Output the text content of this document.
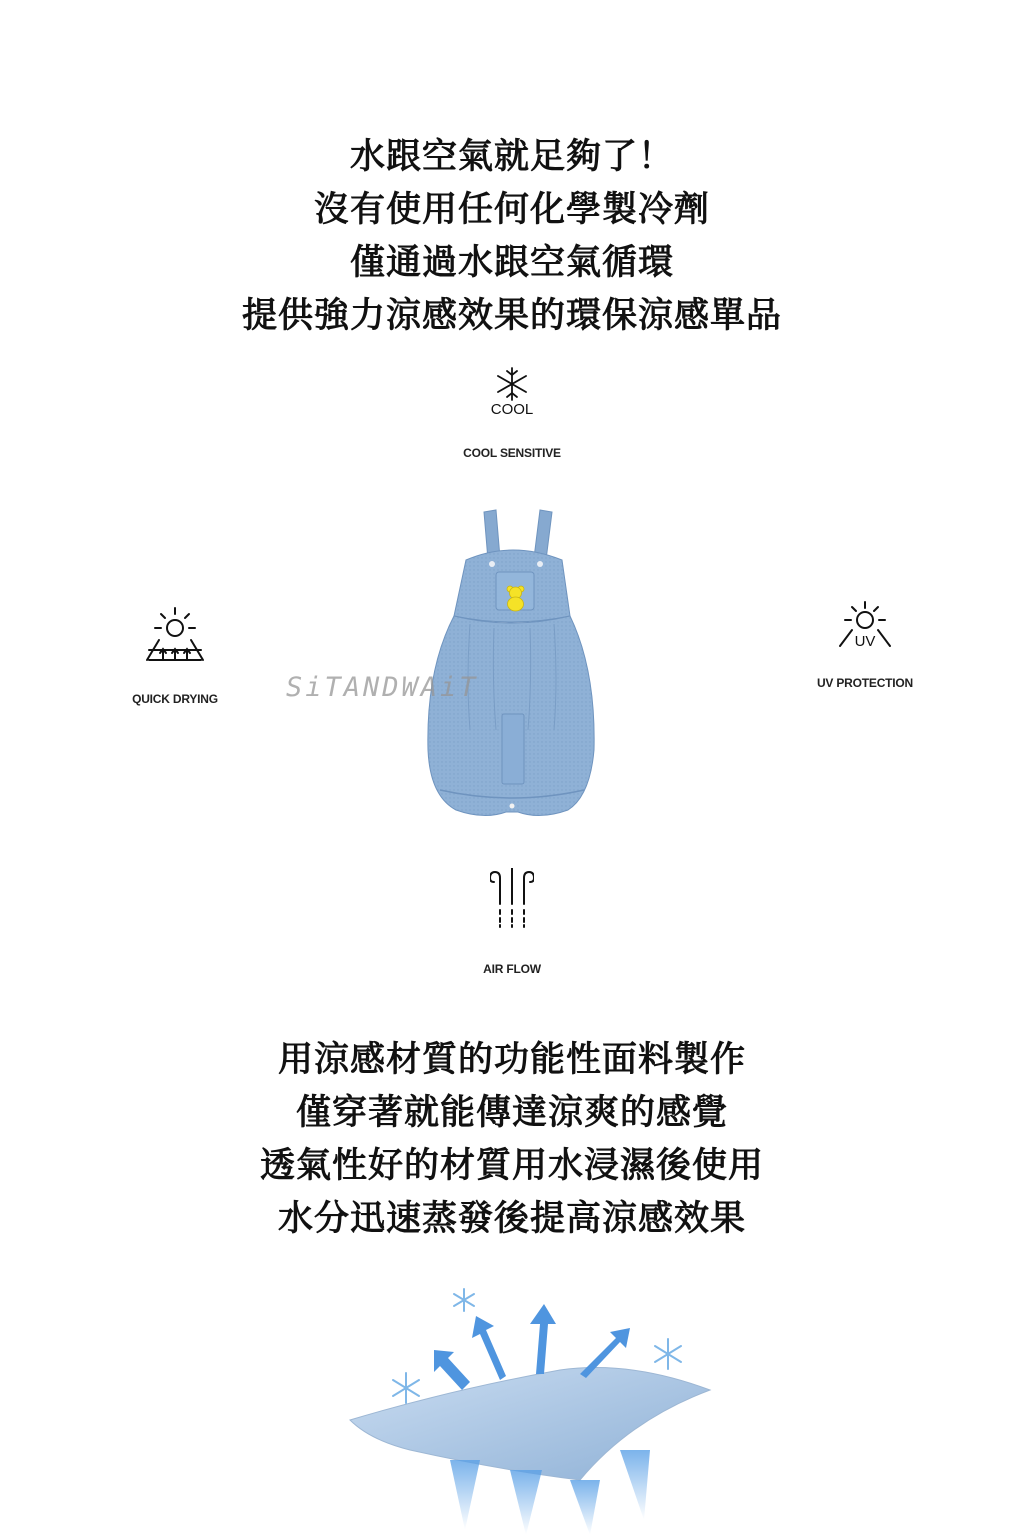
水跟空氣就足夠了！
沒有使用任何化學製冷劑
僅通過水跟空氣循環
提供強力涼感效果的環保涼感單品
COOL
COOL SENSITIVE
QUICK DRYING
UV
UV PROTECTION
SiTANDWAiT
AIR FLOW
用涼感材質的功能性面料製作
僅穿著就能傳達涼爽的感覺
透氣性好的材質用水浸濕後使用
水分迅速蒸發後提高涼感效果
